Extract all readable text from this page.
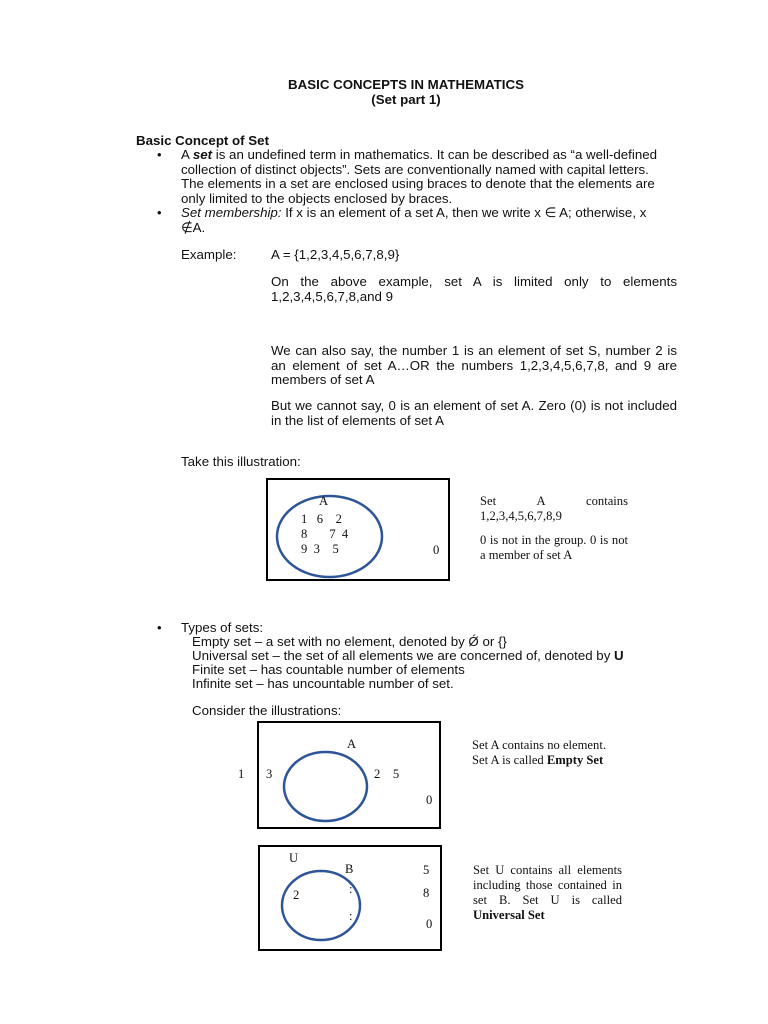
BASIC CONCEPTS IN MATHEMATICS
(Set part 1)
Basic Concept of Set
• A set is an undefined term in mathematics. It can be described as “a well-defined
collection of distinct objects”. Sets are conventionally named with capital letters.
The elements in a set are enclosed using braces to denote that the elements are
only limited to the objects enclosed by braces.
• Set membership: If x is an element of a set A, then we write x ∈ A; otherwise, x
∉A.
Example:	A = {1,2,3,4,5,6,7,8,9}
On the above example, set A is limited only to elements 1,2,3,4,5,6,7,8,and 9
We can also say, the number 1 is an element of set S, number 2 is an element of set A…OR the numbers 1,2,3,4,5,6,7,8, and 9 are members of set A
But we cannot say, 0 is an element of set A. Zero (0) is not included in the list of elements of set A
Take this illustration:
A
1   6    2
8       7  4
9  3    5	0
Set A contains 1,2,3,4,5,6,7,8,9
0 is not in the group. 0 is not a member of set A
• Types of sets:
Empty set – a set with no element, denoted by Ǿ or {}
Universal set – the set of all elements we are concerned of, denoted by U
Finite set – has countable number of elements
Infinite set – has uncountable number of set.
Consider the illustrations:
A
1 3	2    5
0
Set A contains no element.
Set A is called Empty Set
U
B
2	:
:
5
8
0
Set U contains all elements including those contained in set B. Set U is called Universal Set
